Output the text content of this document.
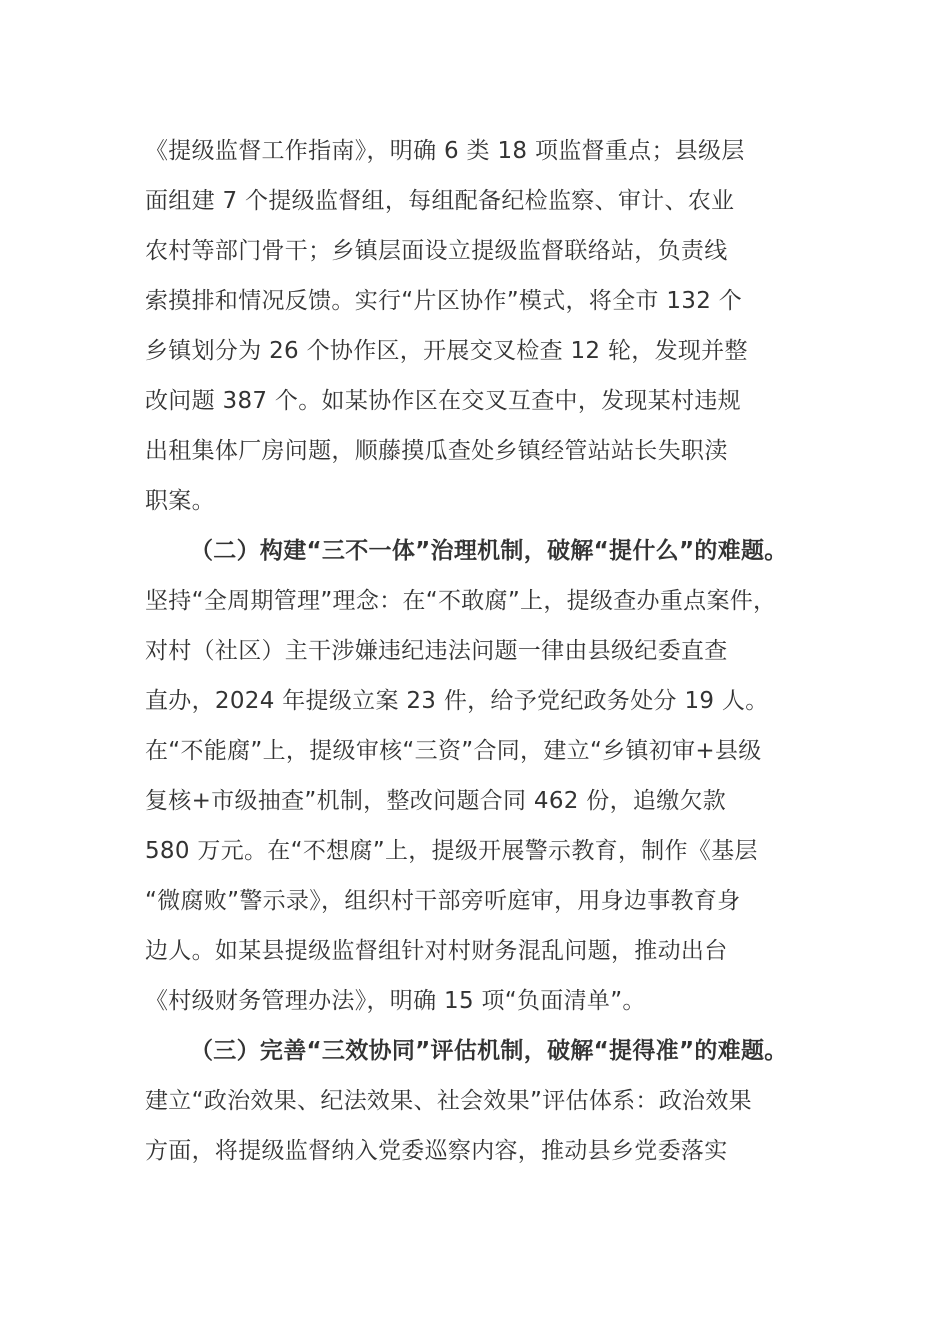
《提级监督工作指南》，明确 6 类 18 项监督重点；县级层
面组建 7 个提级监督组，每组配备纪检监察、审计、农业
农村等部门骨干；乡镇层面设立提级监督联络站，负责线
索摸排和情况反馈。实行“片区协作”模式，将全市 132 个
乡镇划分为 26 个协作区，开展交叉检查 12 轮，发现并整
改问题 387 个。如某协作区在交叉互查中，发现某村违规
出租集体厂房问题，顺藤摸瓜查处乡镇经管站站长失职渎
职案。
（二）构建“三不一体”治理机制，破解“提什么”的难题。
坚持“全周期管理”理念：在“不敢腐”上，提级查办重点案件，
对村（社区）主干涉嫌违纪违法问题一律由县级纪委直查
直办，2024 年提级立案 23 件，给予党纪政务处分 19 人。
在“不能腐”上，提级审核“三资”合同，建立“乡镇初审+县级
复核+市级抽查”机制，整改问题合同 462 份，追缴欠款
580 万元。在“不想腐”上，提级开展警示教育，制作《基层
“微腐败”警示录》，组织村干部旁听庭审，用身边事教育身
边人。如某县提级监督组针对村财务混乱问题，推动出台
《村级财务管理办法》，明确 15 项“负面清单”。
（三）完善“三效协同”评估机制，破解“提得准”的难题。
建立“政治效果、纪法效果、社会效果”评估体系：政治效果
方面，将提级监督纳入党委巡察内容，推动县乡党委落实
